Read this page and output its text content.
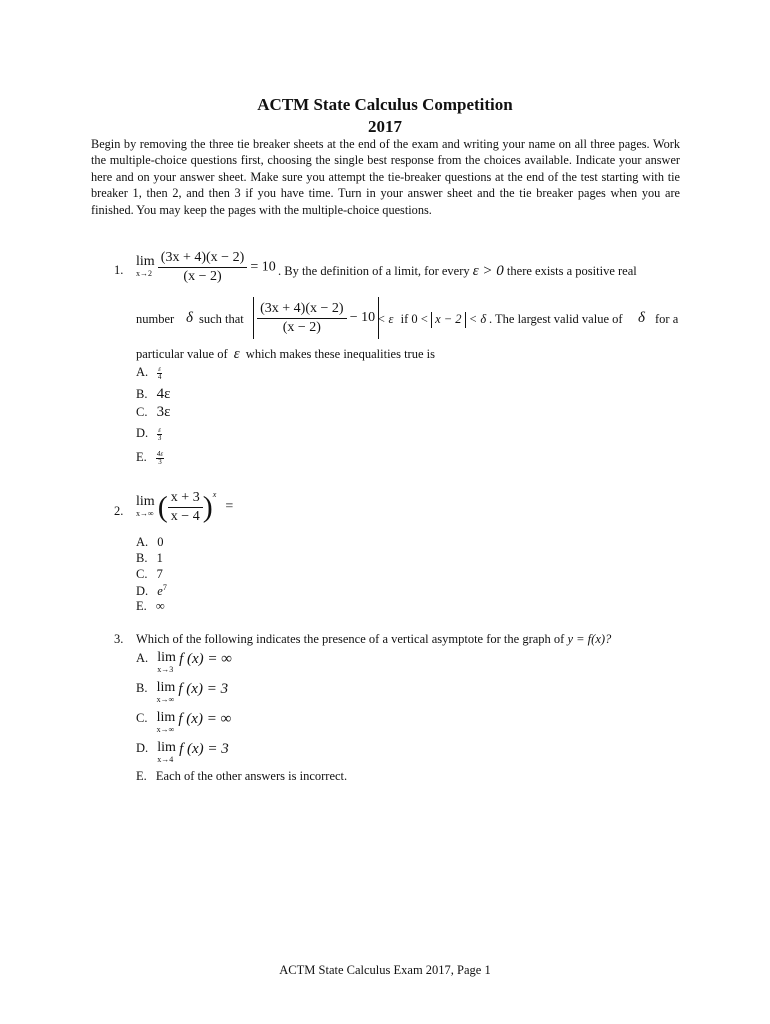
ACTM State Calculus Competition
2017
Begin by removing the three tie breaker sheets at the end of the exam and writing your name on all three pages. Work the multiple-choice questions first, choosing the single best response from the choices available. Indicate your answer here and on your answer sheet. Make sure you attempt the tie-breaker questions at the end of the test starting with tie breaker 1, then 2, and then 3 if you have time. Turn in your answer sheet and the tie breaker pages when you are finished. You may keep the pages with the multiple-choice questions.
1.
lim
x→2
$\frac{(3x + 4)(x - 2)}{(x - 2)} = 10$ . By the definition of a limit, for every ε > 0 there exists a positive real
number δ such that
$\frac{(3x + 4)(x - 2)}{(x - 2)} - 10 < \varepsilon$ if 0 < x − 2 < δ . The largest valid value of δ for a
particular value of ε which makes these inequalities true is
A. $\frac{\varepsilon}{4}$
B. 4ε
C. 3ε
D. $\frac{\varepsilon}{3}$
E. $\frac{4\varepsilon}{3}$
2.
lim
x→∞ ( $\frac{x + 3}{x - 4} )^x$ =
A. 0
B. 1
C. 7
D. $e^7$
E. ∞
3. Which of the following indicates the presence of a vertical asymptote for the graph of y = f(x)?
A. lim
x→3
f (x) = ∞
B. lim
x→∞
f (x) = 3
C. lim
x→∞
f (x) = ∞
D. lim
x→4
f (x) = 3
E. Each of the other answers is incorrect.
ACTM State Calculus Exam 2017, Page 1
